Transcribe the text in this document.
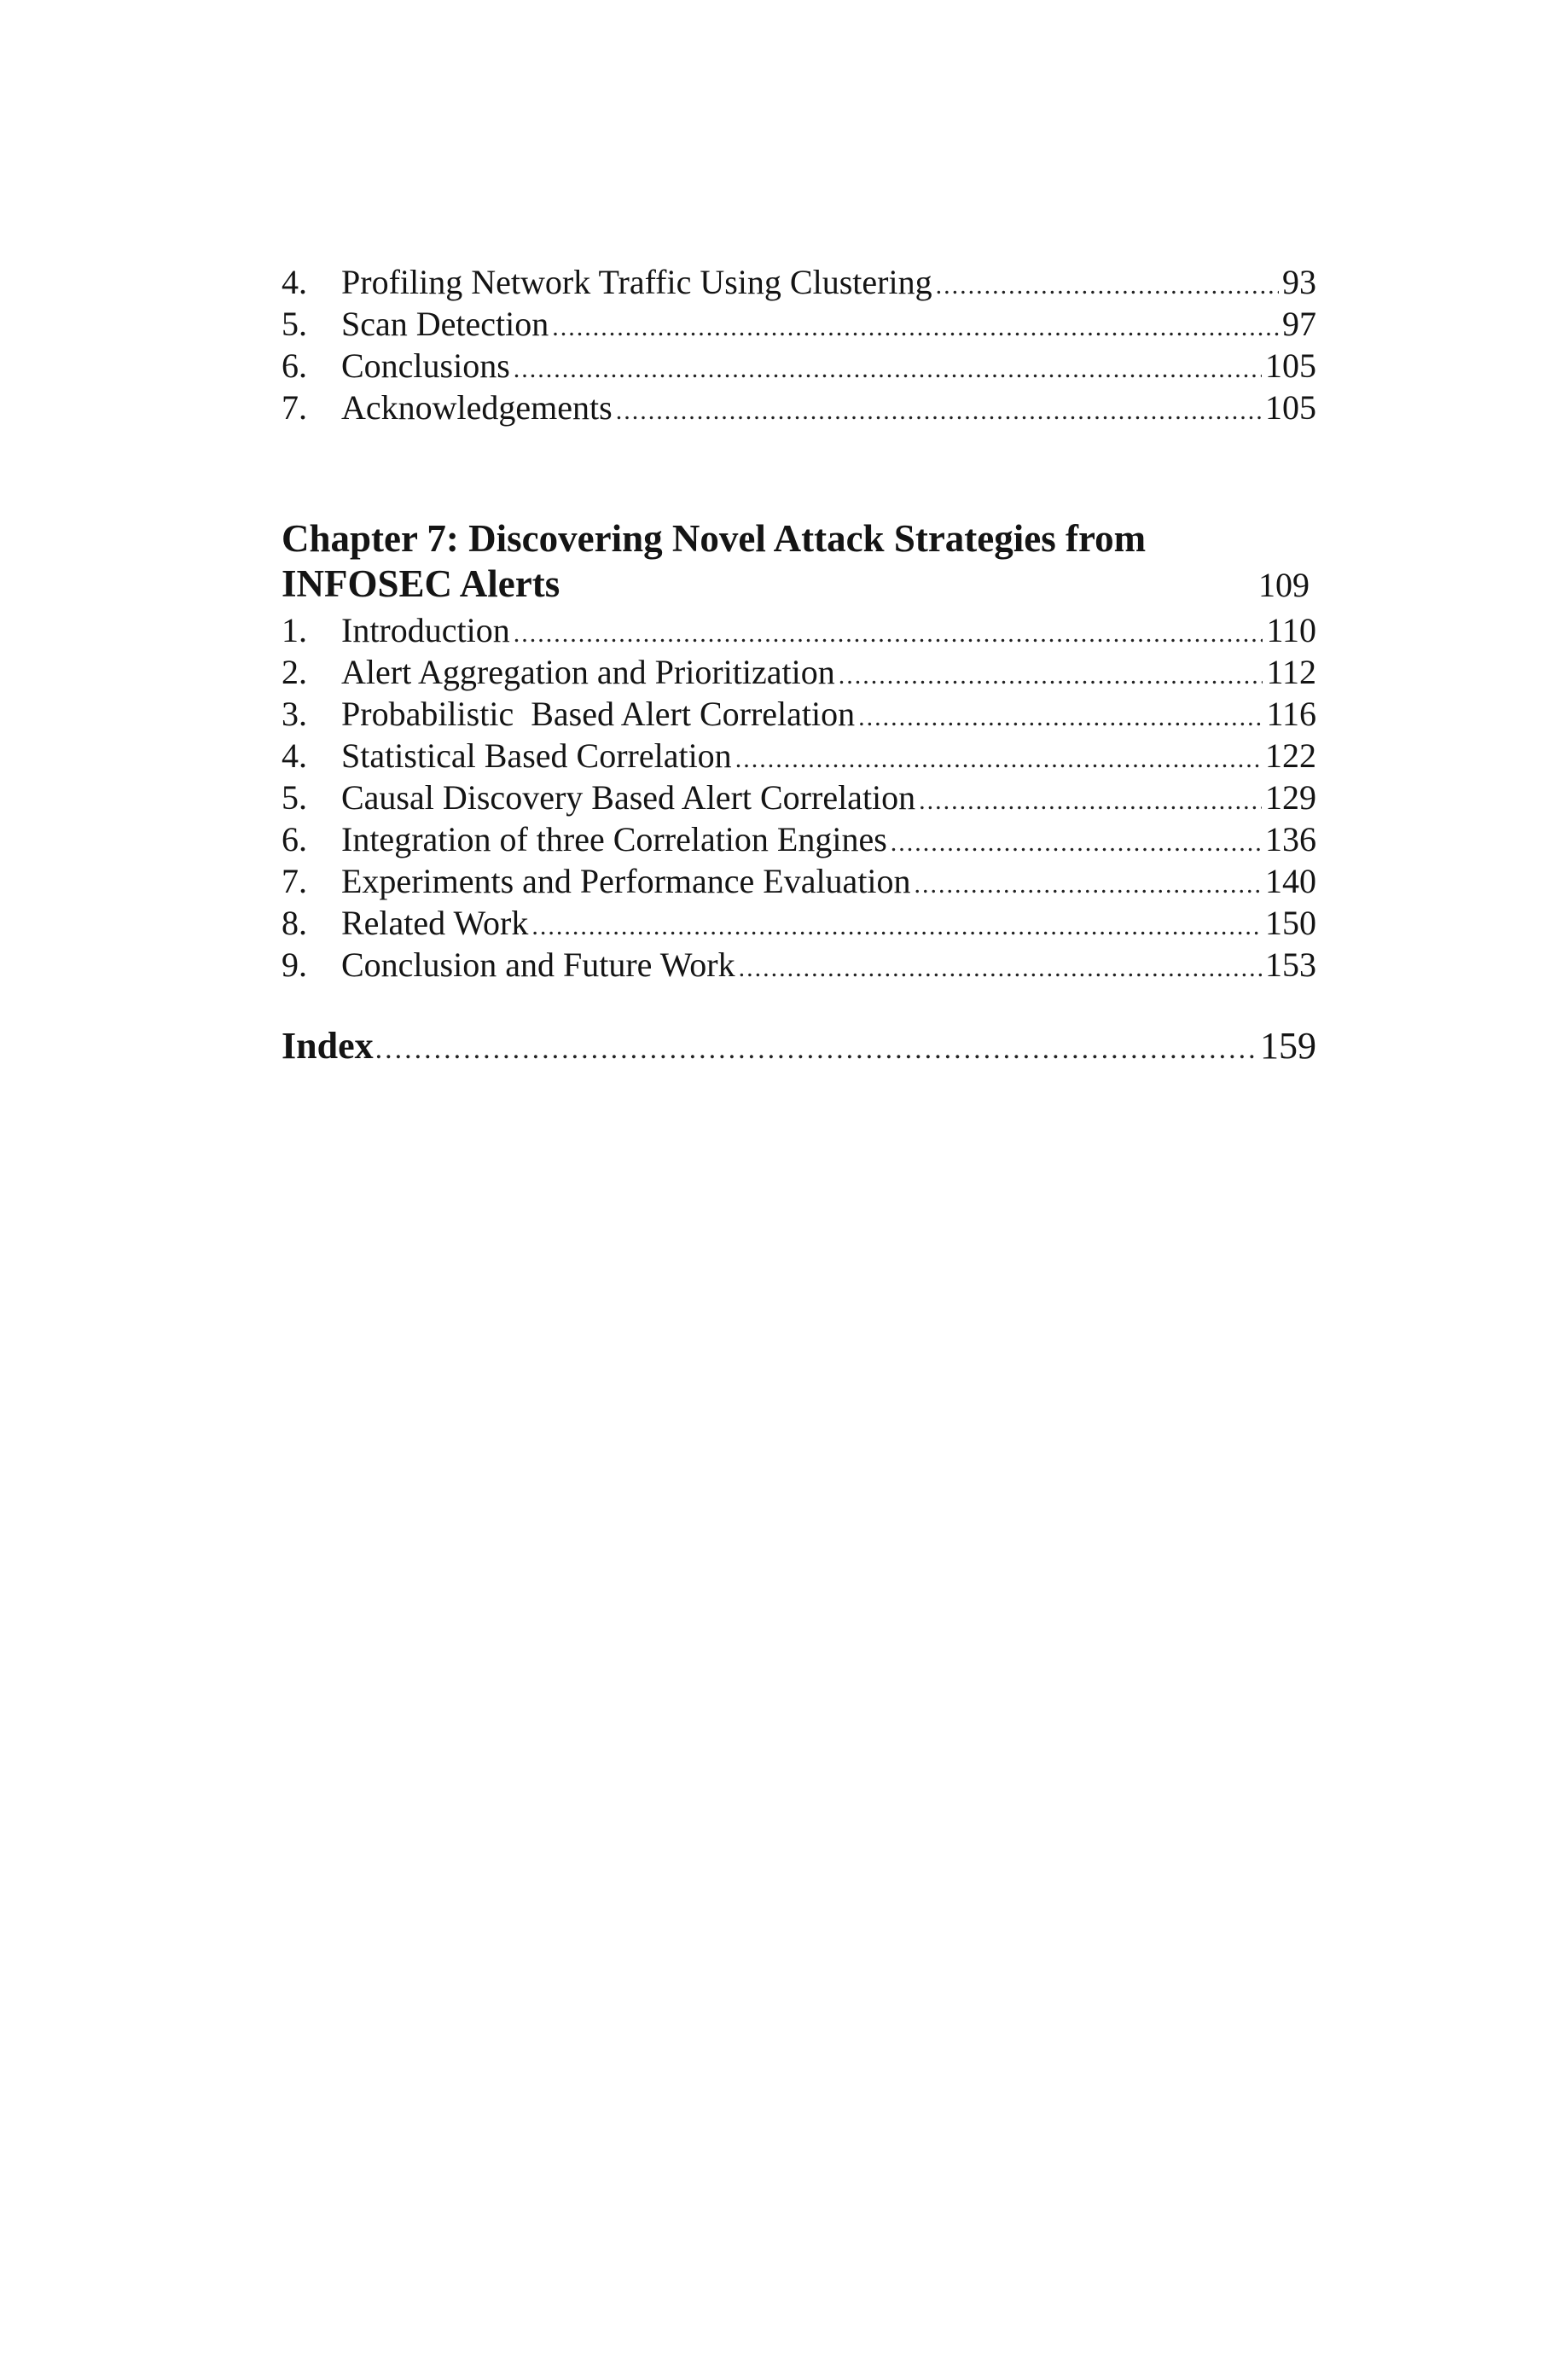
4.	Profiling Network Traffic Using Clustering .....	93
5.	Scan Detection .....	97
6.	Conclusions .....	105
7.	Acknowledgements .....	105
Chapter 7: Discovering Novel Attack Strategies from
INFOSEC Alerts	109
1.	Introduction .....	110
2.	Alert Aggregation and Prioritization .....	112
3.	Probabilistic  Based Alert Correlation .....	116
4.	Statistical Based Correlation .....	122
5.	Causal Discovery Based Alert Correlation .....	129
6.	Integration of three Correlation Engines .....	136
7.	Experiments and Performance Evaluation .....	140
8.	Related Work .....	150
9.	Conclusion and Future Work .....	153
Index .....	159
